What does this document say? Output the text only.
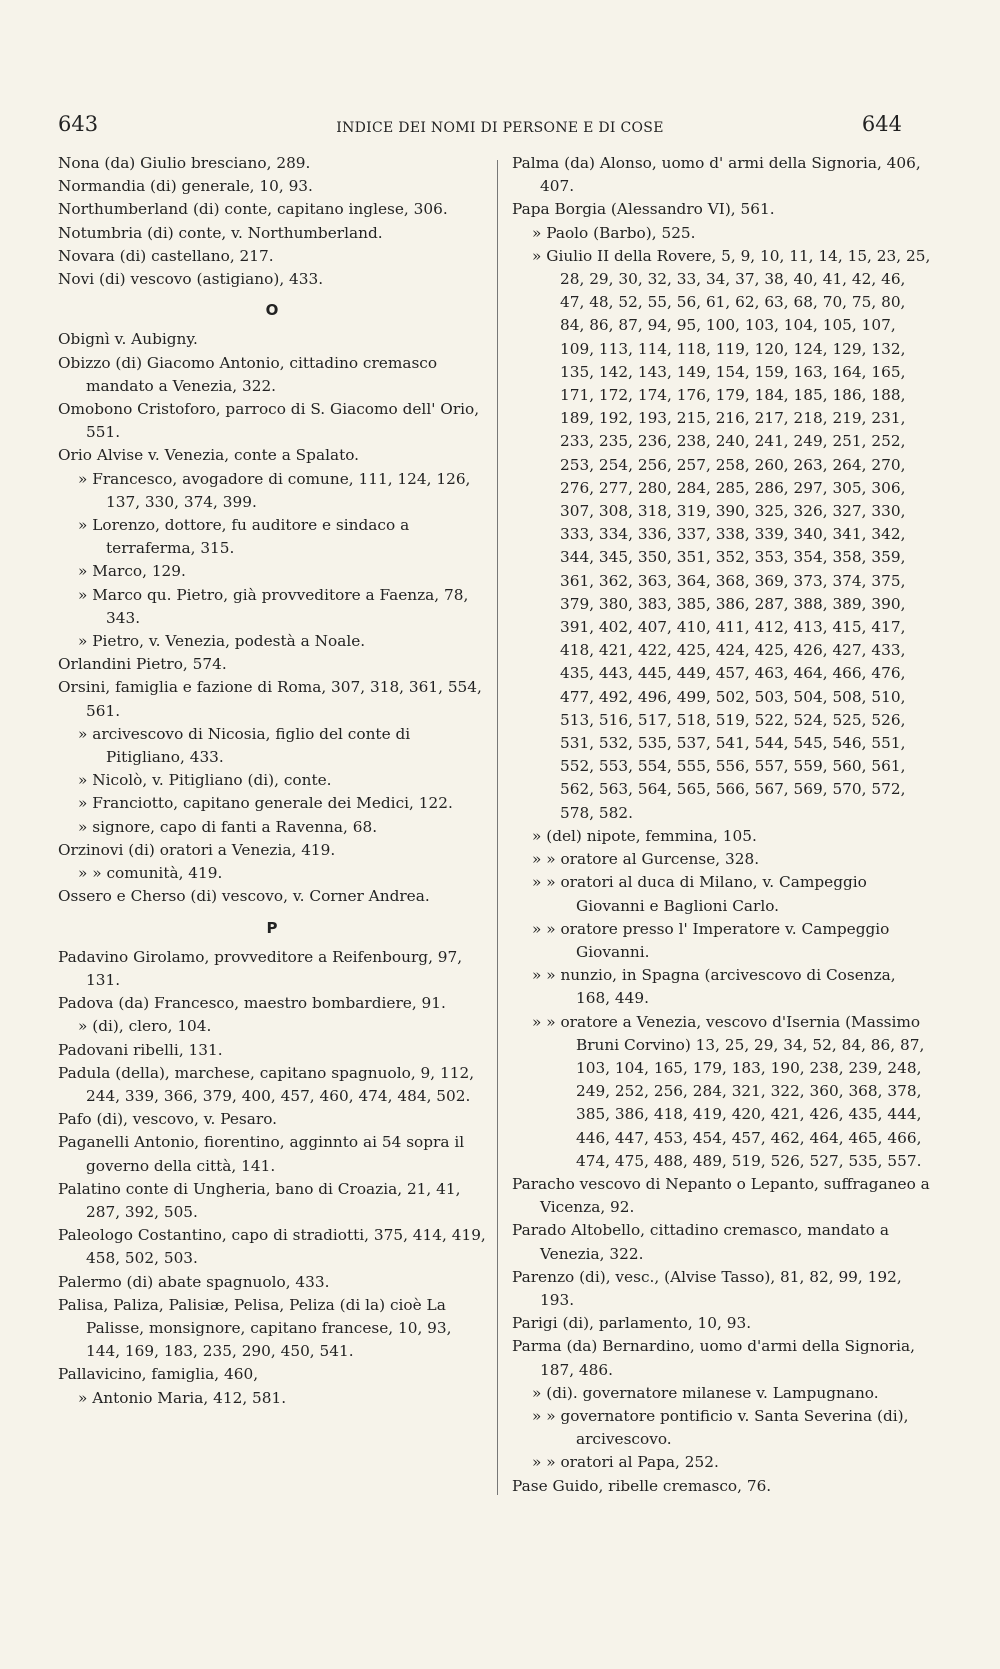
643	INDICE DEI NOMI DI PERSONE E DI COSE	644

Nona (da) Giulio bresciano, 289.

Normandia (di) generale, 10, 93.

Northumberland (di) conte, capitano inglese, 306.

Notumbria (di) conte, v. Northumberland.

Novara (di) castellano, 217.

Novi (di) vescovo (astigiano), 433.

O

Obignì v. Aubigny.

Obizzo (di) Giacomo Antonio, cittadino cremasco mandato a Venezia, 322.

Omobono Cristoforo, parroco di S. Giacomo dell' Orio, 551.

Orio Alvise v. Venezia, conte a Spalato.

» Francesco, avogadore di comune, 111, 124, 126, 137, 330, 374, 399.

» Lorenzo, dottore, fu auditore e sindaco a terraferma, 315.

» Marco, 129.

» Marco qu. Pietro, già provveditore a Faenza, 78, 343.

» Pietro, v. Venezia, podestà a Noale.

Orlandini Pietro, 574.

Orsini, famiglia e fazione di Roma, 307, 318, 361, 554, 561.

» arcivescovo di Nicosia, figlio del conte di Pitigliano, 433.

» Nicolò, v. Pitigliano (di), conte.

» Franciotto, capitano generale dei Medici, 122.

» signore, capo di fanti a Ravenna, 68.

Orzinovi (di) oratori a Venezia, 419.

» » comunità, 419.

Ossero e Cherso (di) vescovo, v. Corner Andrea.

P

Padavino Girolamo, provveditore a Reifenbourg, 97, 131.

Padova (da) Francesco, maestro bombardiere, 91.

» (di), clero, 104.

Padovani ribelli, 131.

Padula (della), marchese, capitano spagnuolo, 9, 112, 244, 339, 366, 379, 400, 457, 460, 474, 484, 502.

Pafo (di), vescovo, v. Pesaro.

Paganelli Antonio, fiorentino, agginnto ai 54 sopra il governo della città, 141.

Palatino conte di Ungheria, bano di Croazia, 21, 41, 287, 392, 505.

Paleologo Costantino, capo di stradiotti, 375, 414, 419, 458, 502, 503.

Palermo (di) abate spagnuolo, 433.

Palisa, Paliza, Palisiæ, Pelisa, Peliza (di la) cioè La Palisse, monsignore, capitano francese, 10, 93, 144, 169, 183, 235, 290, 450, 541.

Pallavicino, famiglia, 460,

» Antonio Maria, 412, 581.

Palma (da) Alonso, uomo d' armi della Signoria, 406, 407.

Papa Borgia (Alessandro VI), 561.

» Paolo (Barbo), 525.

» Giulio II della Rovere, 5, 9, 10, 11, 14, 15, 23, 25, 28, 29, 30, 32, 33, 34, 37, 38, 40, 41, 42, 46, 47, 48, 52, 55, 56, 61, 62, 63, 68, 70, 75, 80, 84, 86, 87, 94, 95, 100, 103, 104, 105, 107, 109, 113, 114, 118, 119, 120, 124, 129, 132, 135, 142, 143, 149, 154, 159, 163, 164, 165, 171, 172, 174, 176, 179, 184, 185, 186, 188, 189, 192, 193, 215, 216, 217, 218, 219, 231, 233, 235, 236, 238, 240, 241, 249, 251, 252, 253, 254, 256, 257, 258, 260, 263, 264, 270, 276, 277, 280, 284, 285, 286, 297, 305, 306, 307, 308, 318, 319, 390, 325, 326, 327, 330, 333, 334, 336, 337, 338, 339, 340, 341, 342, 344, 345, 350, 351, 352, 353, 354, 358, 359, 361, 362, 363, 364, 368, 369, 373, 374, 375, 379, 380, 383, 385, 386, 287, 388, 389, 390, 391, 402, 407, 410, 411, 412, 413, 415, 417, 418, 421, 422, 425, 424, 425, 426, 427, 433, 435, 443, 445, 449, 457, 463, 464, 466, 476, 477, 492, 496, 499, 502, 503, 504, 508, 510, 513, 516, 517, 518, 519, 522, 524, 525, 526, 531, 532, 535, 537, 541, 544, 545, 546, 551, 552, 553, 554, 555, 556, 557, 559, 560, 561, 562, 563, 564, 565, 566, 567, 569, 570, 572, 578, 582.

» (del) nipote, femmina, 105.

» » oratore al Gurcense, 328.

» » oratori al duca di Milano, v. Campeggio Giovanni e Baglioni Carlo.

» » oratore presso l' Imperatore v. Campeggio Giovanni.

» » nunzio, in Spagna (arcivescovo di Cosenza, 168, 449.

» » oratore a Venezia, vescovo d'Isernia (Massimo Bruni Corvino) 13, 25, 29, 34, 52, 84, 86, 87, 103, 104, 165, 179, 183, 190, 238, 239, 248, 249, 252, 256, 284, 321, 322, 360, 368, 378, 385, 386, 418, 419, 420, 421, 426, 435, 444, 446, 447, 453, 454, 457, 462, 464, 465, 466, 474, 475, 488, 489, 519, 526, 527, 535, 557.

Paracho vescovo di Nepanto o Lepanto, suffraganeo a Vicenza, 92.

Parado Altobello, cittadino cremasco, mandato a Venezia, 322.

Parenzo (di), vesc., (Alvise Tasso), 81, 82, 99, 192, 193.

Parigi (di), parlamento, 10, 93.

Parma (da) Bernardino, uomo d'armi della Signoria, 187, 486.

» (di). governatore milanese v. Lampugnano.

» » governatore pontificio v. Santa Severina (di), arcivescovo.

» » oratori al Papa, 252.

Pase Guido, ribelle cremasco, 76.
